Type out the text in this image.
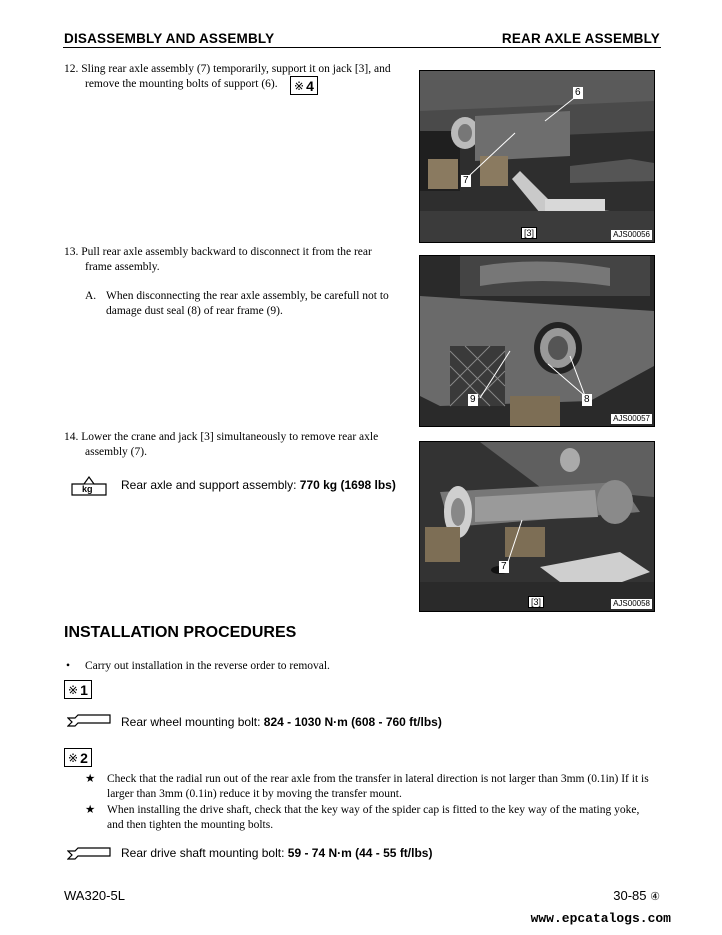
DISASSEMBLY AND ASSEMBLY	REAR AXLE ASSEMBLY
12. Sling rear axle assembly (7) temporarily, support it on jack [3], and
remove the mounting bolts of support (6). ※ 4	6
7
[3]	AJS00056
13. Pull rear axle assembly backward to disconnect it from the rear
frame assembly.
A. When disconnecting the rear axle assembly, be carefull not to
damage dust seal (8) of rear frame (9).
9	8
AJS00057
14. Lower the crane and jack [3] simultaneously to remove rear axle
assembly (7).
kg Rear axle and support assembly: 770 kg (1698 lbs)
7
[3]	AJS00058
INSTALLATION PROCEDURES
• Carry out installation in the reverse order to removal.
※ 1
Rear wheel mounting bolt: 824 - 1030 N·m (608 - 760 ft/lbs)
※ 2
★ Check that the radial run out of the rear axle from the transfer in lateral direction is not larger than 3mm (0.1in) If it is
larger than 3mm (0.1in) reduce it by moving the transfer mount.
★ When installing the drive shaft, check that the key way of the spider cap is fitted to the key way of the mating yoke,
and then tighten the mounting bolts.
Rear drive shaft mounting bolt: 59 - 74 N·m (44 - 55 ft/lbs)
WA320-5L	30-85 ④
www.epcatalogs.com
